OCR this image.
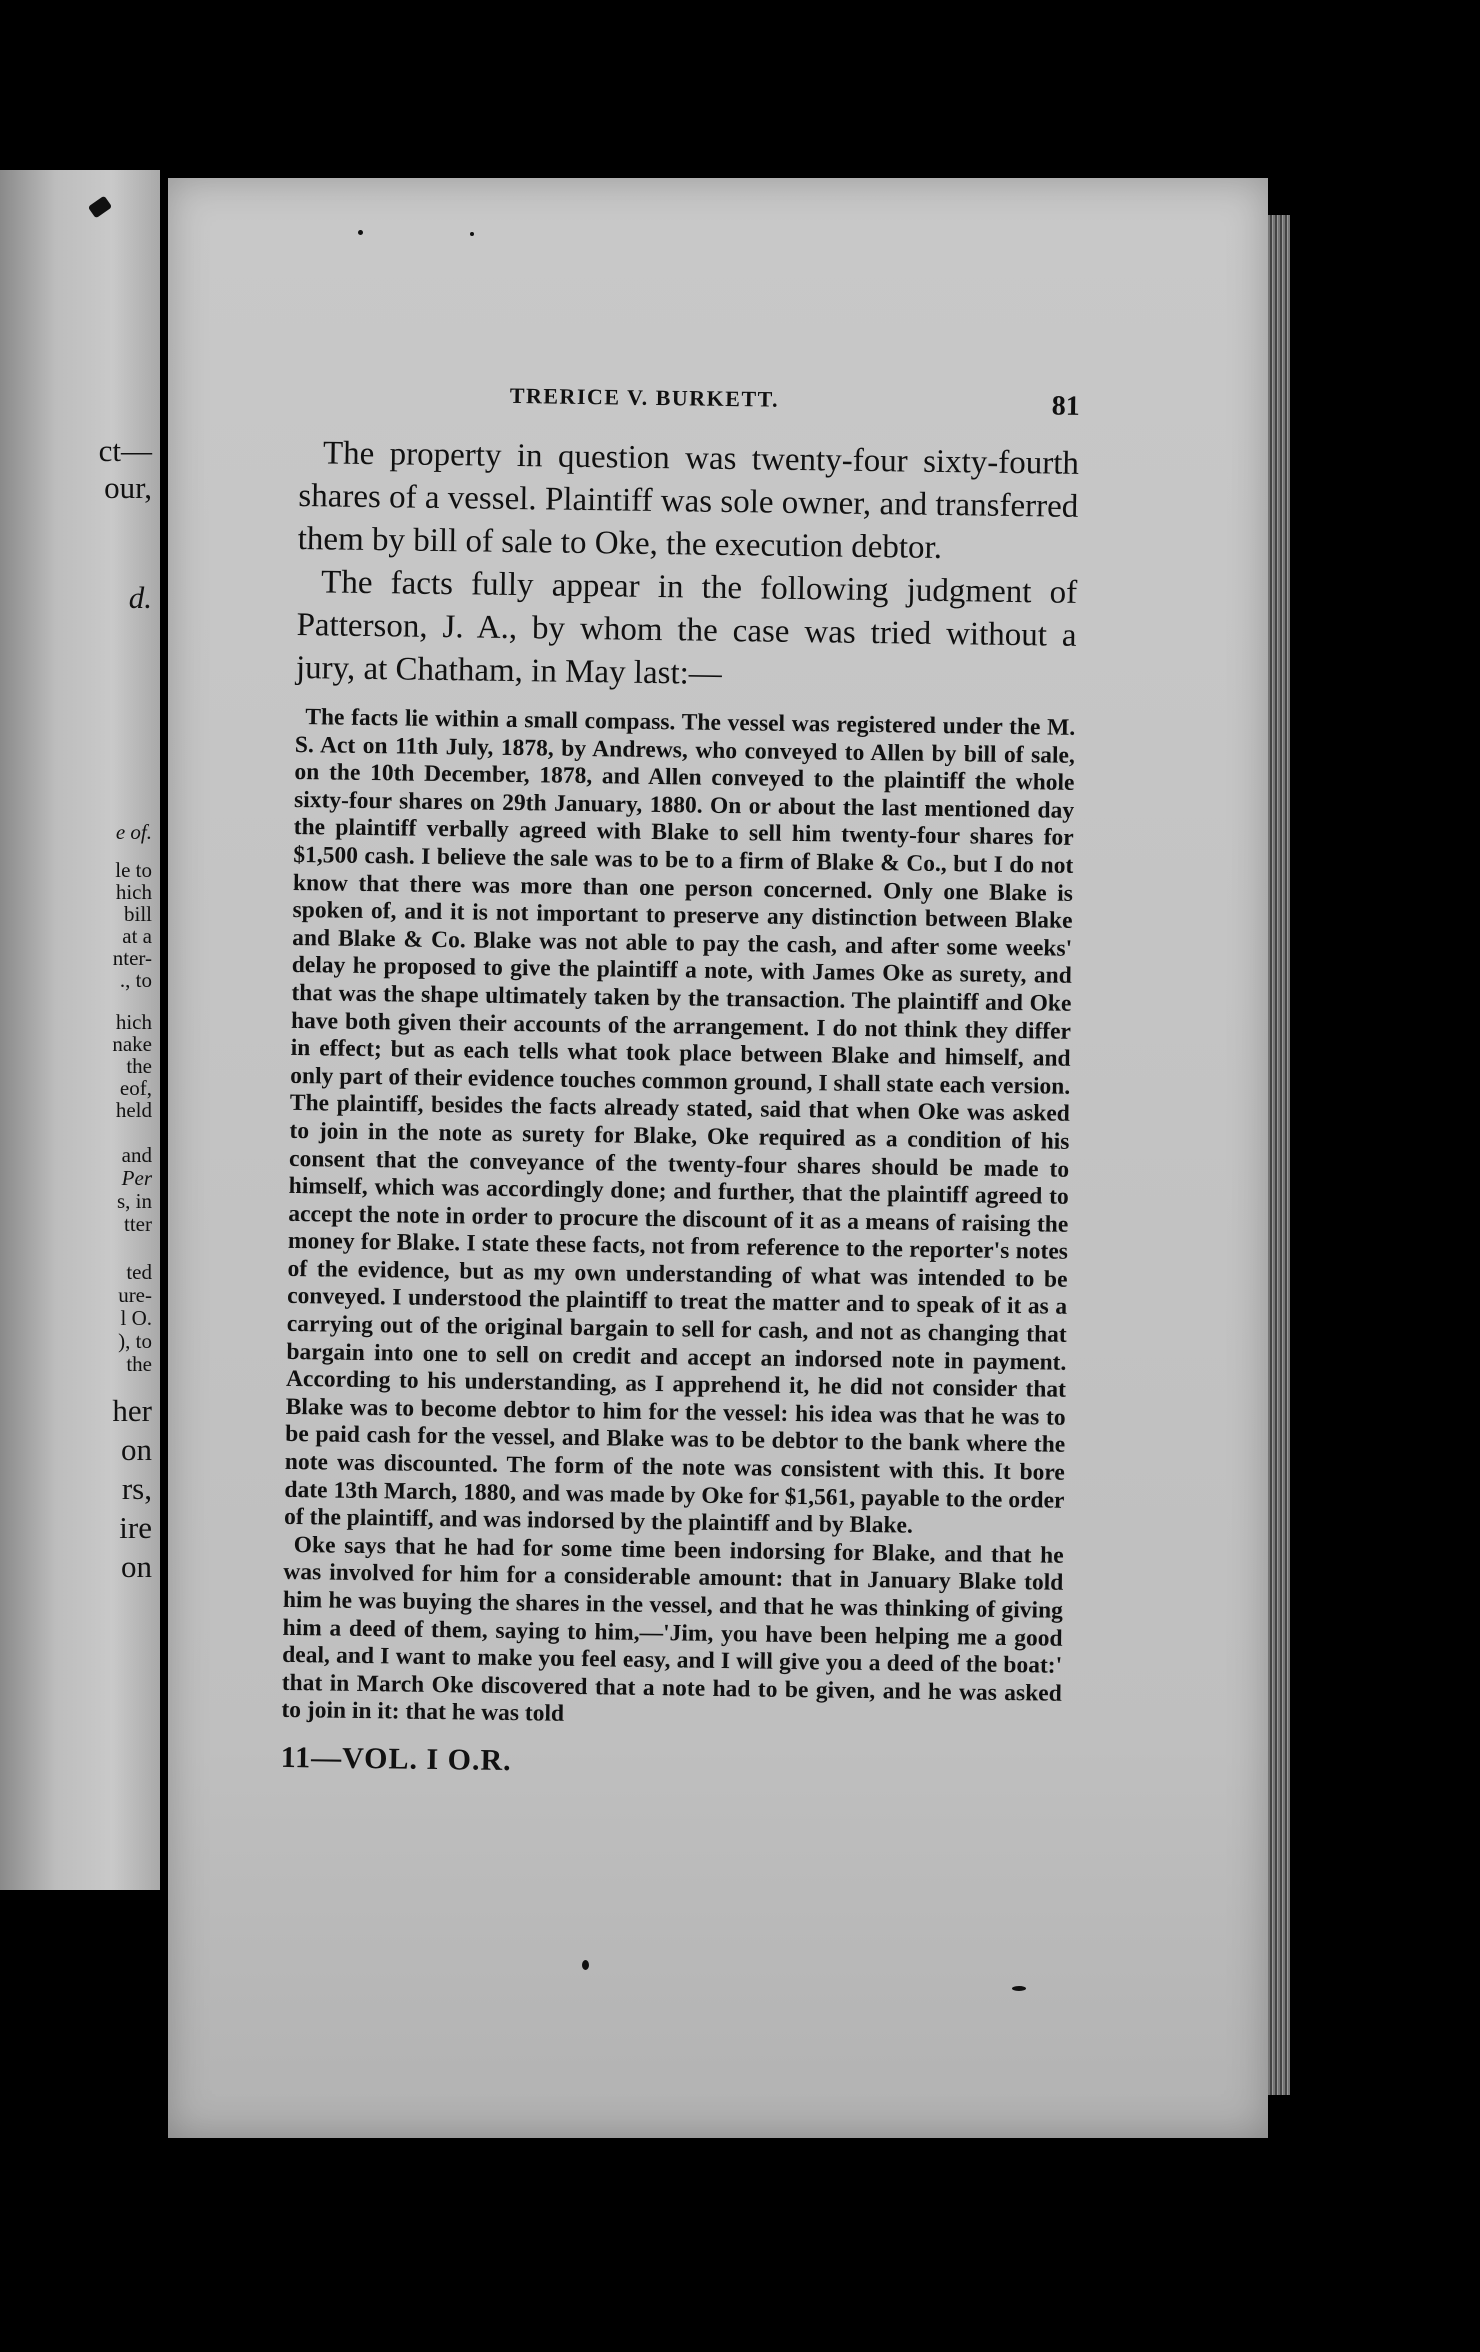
ct—
our,
d.
e of.
le to
hich
bill
at a
nter-
., to
hich
nake
the
eof,
held
and
Per
s, in
tter
ted
ure-
l O.
), to
the
her
on
rs,
ire
on
TRERICE V. BURKETT.	81

The property in question was twenty-four sixty-fourth shares of a vessel. Plaintiff was sole owner, and transferred them by bill of sale to Oke, the execution debtor.

The facts fully appear in the following judgment of Patterson, J. A., by whom the case was tried without a jury, at Chatham, in May last:—

The facts lie within a small compass. The vessel was registered under the M. S. Act on 11th July, 1878, by Andrews, who conveyed to Allen by bill of sale, on the 10th December, 1878, and Allen conveyed to the plaintiff the whole sixty-four shares on 29th January, 1880. On or about the last mentioned day the plaintiff verbally agreed with Blake to sell him twenty-four shares for $1,500 cash. I believe the sale was to be to a firm of Blake & Co., but I do not know that there was more than one person concerned. Only one Blake is spoken of, and it is not important to preserve any distinction between Blake and Blake & Co. Blake was not able to pay the cash, and after some weeks' delay he proposed to give the plaintiff a note, with James Oke as surety, and that was the shape ultimately taken by the transaction. The plaintiff and Oke have both given their accounts of the arrangement. I do not think they differ in effect; but as each tells what took place between Blake and himself, and only part of their evidence touches common ground, I shall state each version. The plaintiff, besides the facts already stated, said that when Oke was asked to join in the note as surety for Blake, Oke required as a condition of his consent that the conveyance of the twenty-four shares should be made to himself, which was accordingly done; and further, that the plaintiff agreed to accept the note in order to procure the discount of it as a means of raising the money for Blake. I state these facts, not from reference to the reporter's notes of the evidence, but as my own understanding of what was intended to be conveyed. I understood the plaintiff to treat the matter and to speak of it as a carrying out of the original bargain to sell for cash, and not as changing that bargain into one to sell on credit and accept an indorsed note in payment. According to his understanding, as I apprehend it, he did not consider that Blake was to become debtor to him for the vessel: his idea was that he was to be paid cash for the vessel, and Blake was to be debtor to the bank where the note was discounted. The form of the note was consistent with this. It bore date 13th March, 1880, and was made by Oke for $1,561, payable to the order of the plaintiff, and was indorsed by the plaintiff and by Blake.

Oke says that he had for some time been indorsing for Blake, and that he was involved for him for a considerable amount: that in January Blake told him he was buying the shares in the vessel, and that he was thinking of giving him a deed of them, saying to him,—'Jim, you have been helping me a good deal, and I want to make you feel easy, and I will give you a deed of the boat:' that in March Oke discovered that a note had to be given, and he was asked to join in it: that he was told

11—VOL. I O.R.
